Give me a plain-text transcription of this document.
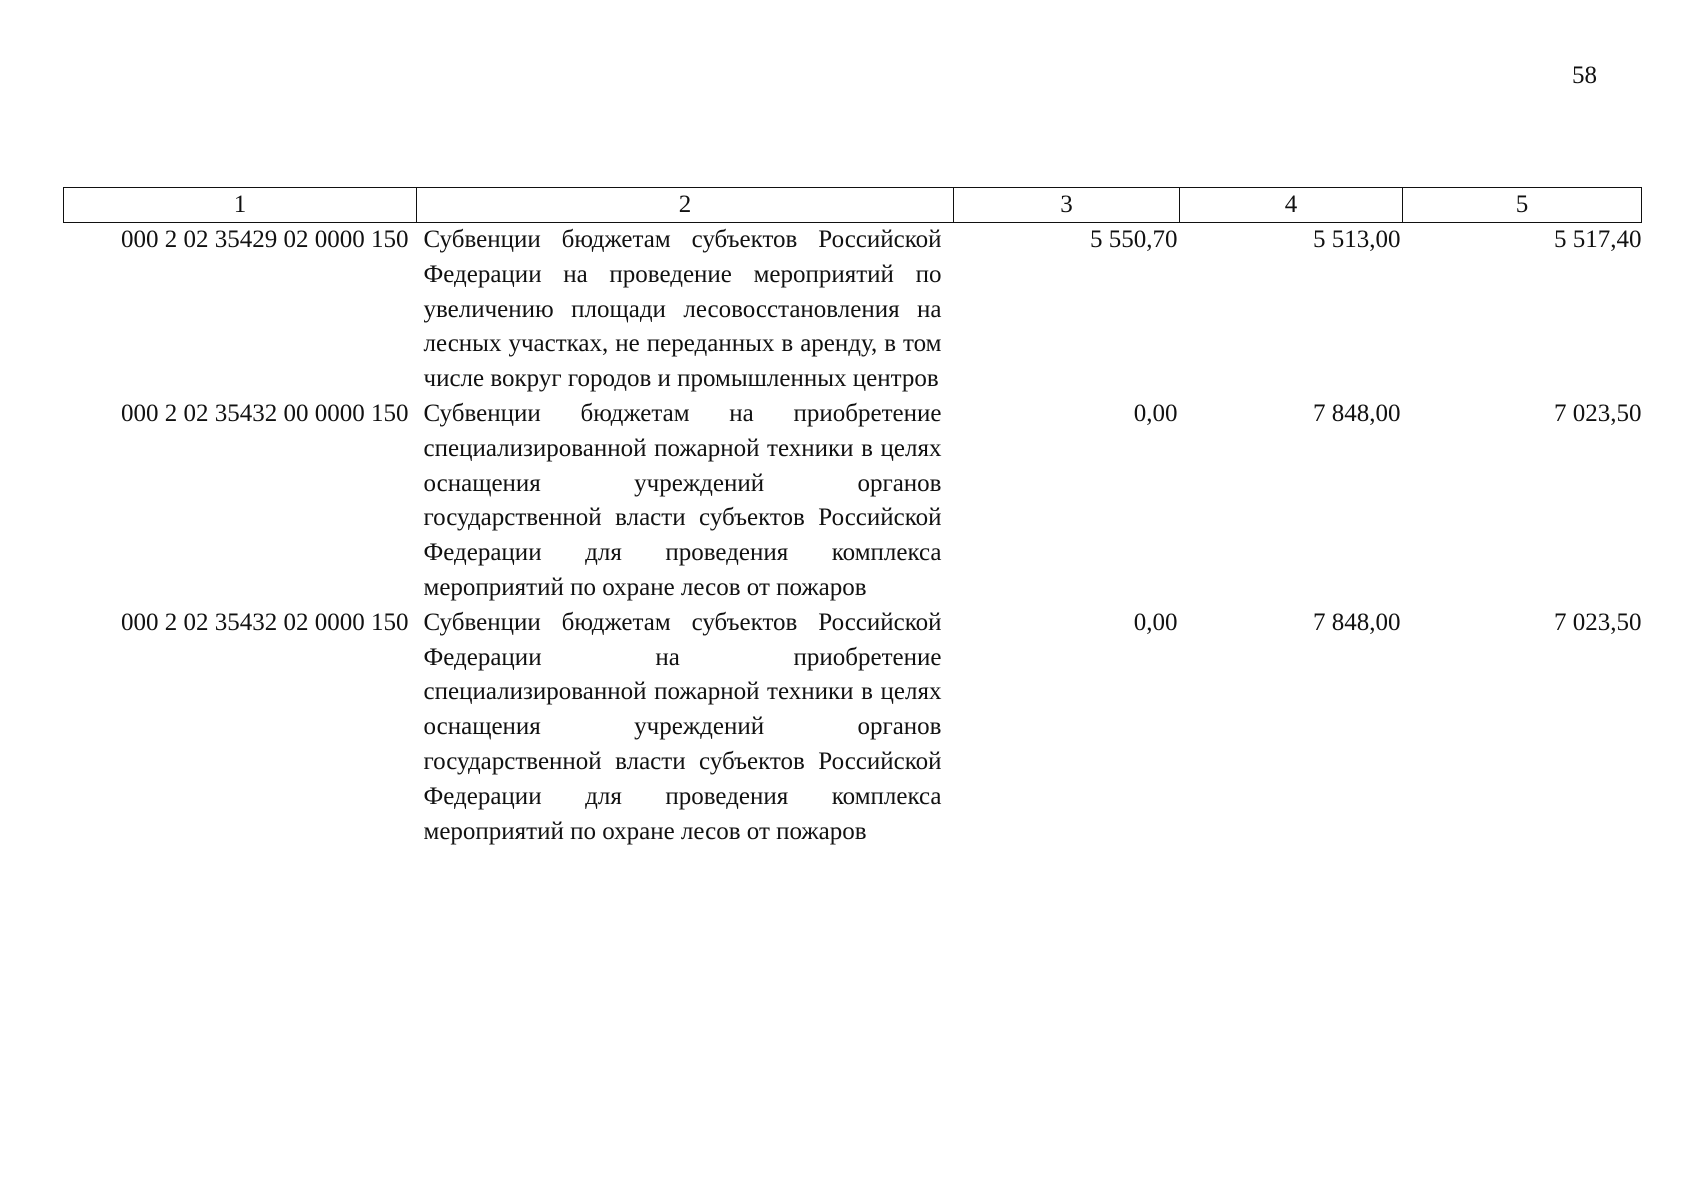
58
1	2	3	4	5
000 2 02 35429 02 0000 150	Субвенции бюджетам субъектов Российской Федерации на проведение мероприятий по увеличению площади лесовосстановления на лесных участках, не переданных в аренду, в том числе вокруг городов и промышленных центров	5 550,70	5 513,00	5 517,40
000 2 02 35432 00 0000 150	Субвенции бюджетам на приобретение специализированной пожарной техники в целях оснащения учреждений органов государственной власти субъектов Российской Федерации для проведения комплекса мероприятий по охране лесов от пожаров	0,00	7 848,00	7 023,50
000 2 02 35432 02 0000 150	Субвенции бюджетам субъектов Российской Федерации на приобретение специализированной пожарной техники в целях оснащения учреждений органов государственной власти субъектов Российской Федерации для проведения комплекса мероприятий по охране лесов от пожаров	0,00	7 848,00	7 023,50
